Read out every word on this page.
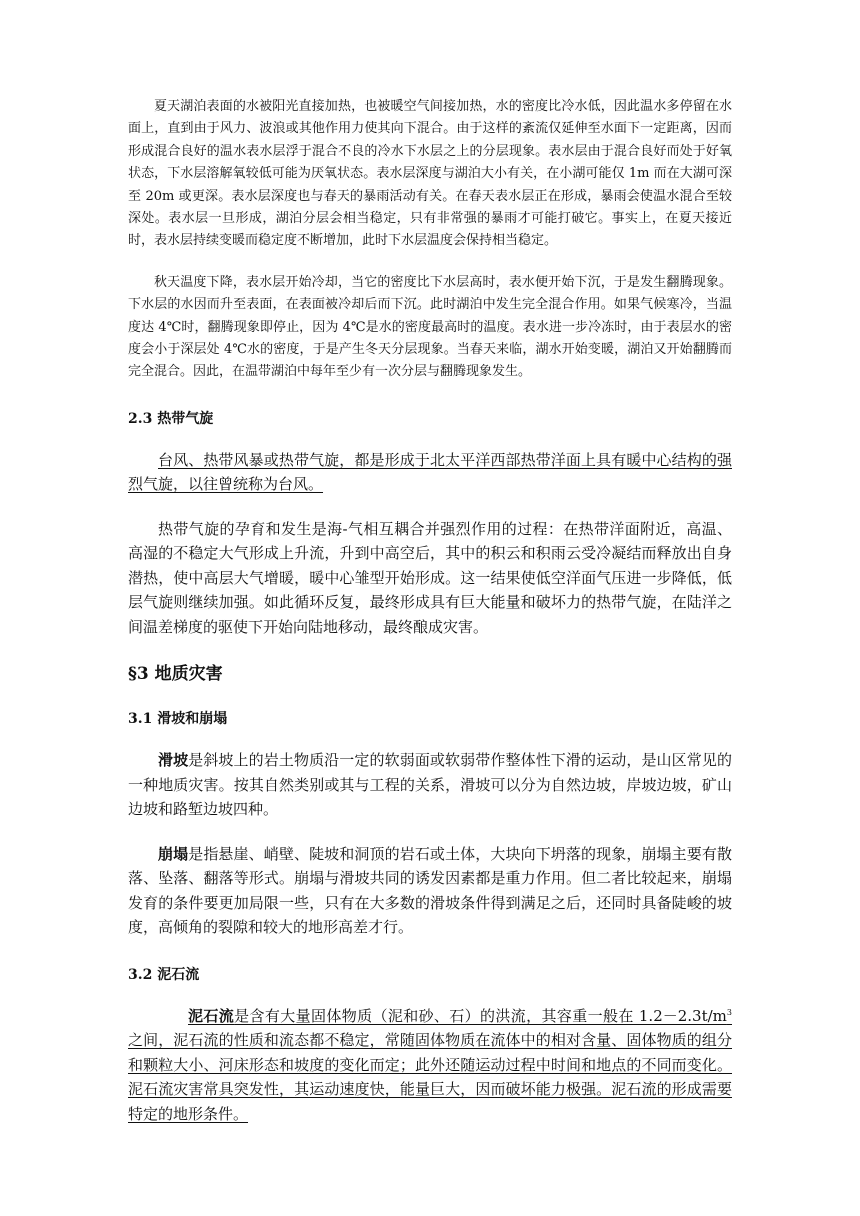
夏天湖泊表面的水被阳光直接加热，也被暖空气间接加热，水的密度比冷水低，因此温水多停留在水面上，直到由于风力、波浪或其他作用力使其向下混合。由于这样的紊流仅延伸至水面下一定距离，因而形成混合良好的温水表水层浮于混合不良的冷水下水层之上的分层现象。表水层由于混合良好而处于好氧状态，下水层溶解氧较低可能为厌氧状态。表水层深度与湖泊大小有关，在小湖可能仅 1m 而在大湖可深至 20m 或更深。表水层深度也与春天的暴雨活动有关。在春天表水层正在形成，暴雨会使温水混合至较深处。表水层一旦形成，湖泊分层会相当稳定，只有非常强的暴雨才可能打破它。事实上，在夏天接近时，表水层持续变暖而稳定度不断增加，此时下水层温度会保持相当稳定。

秋天温度下降，表水层开始冷却，当它的密度比下水层高时，表水便开始下沉，于是发生翻腾现象。下水层的水因而升至表面，在表面被冷却后而下沉。此时湖泊中发生完全混合作用。如果气候寒冷，当温度达 4℃时，翻腾现象即停止，因为 4℃是水的密度最高时的温度。表水进一步冷冻时，由于表层水的密度会小于深层处 4℃水的密度，于是产生冬天分层现象。当春天来临，湖水开始变暖，湖泊又开始翻腾而完全混合。因此，在温带湖泊中每年至少有一次分层与翻腾现象发生。

2.3 热带气旋

台风、热带风暴或热带气旋，都是形成于北太平洋西部热带洋面上具有暖中心结构的强烈气旋，以往曾统称为台风。

热带气旋的孕育和发生是海-气相互耦合并强烈作用的过程：在热带洋面附近，高温、高湿的不稳定大气形成上升流，升到中高空后，其中的积云和积雨云受冷凝结而释放出自身潜热，使中高层大气增暖，暖中心雏型开始形成。这一结果使低空洋面气压进一步降低，低层气旋则继续加强。如此循环反复，最终形成具有巨大能量和破坏力的热带气旋，在陆洋之间温差梯度的驱使下开始向陆地移动，最终酿成灾害。

§3 地质灾害
3.1 滑坡和崩塌

滑坡是斜坡上的岩土物质沿一定的软弱面或软弱带作整体性下滑的运动，是山区常见的一种地质灾害。按其自然类别或其与工程的关系，滑坡可以分为自然边坡，岸坡边坡，矿山边坡和路堑边坡四种。

崩塌是指悬崖、峭壁、陡坡和洞顶的岩石或土体，大块向下坍落的现象，崩塌主要有散落、坠落、翻落等形式。崩塌与滑坡共同的诱发因素都是重力作用。但二者比较起来，崩塌发育的条件要更加局限一些，只有在大多数的滑坡条件得到满足之后，还同时具备陡峻的坡度，高倾角的裂隙和较大的地形高差才行。

3.2 泥石流

泥石流是含有大量固体物质（泥和砂、石）的洪流，其容重一般在 $1.2-2.3t/m^3$之间，泥石流的性质和流态都不稳定，常随固体物质在流体中的相对含量、固体物质的组分和颗粒大小、河床形态和坡度的变化而定；此外还随运动过程中时间和地点的不同而变化。泥石流灾害常具突发性，其运动速度快，能量巨大，因而破坏能力极强。泥石流的形成需要特定的地形条件。
